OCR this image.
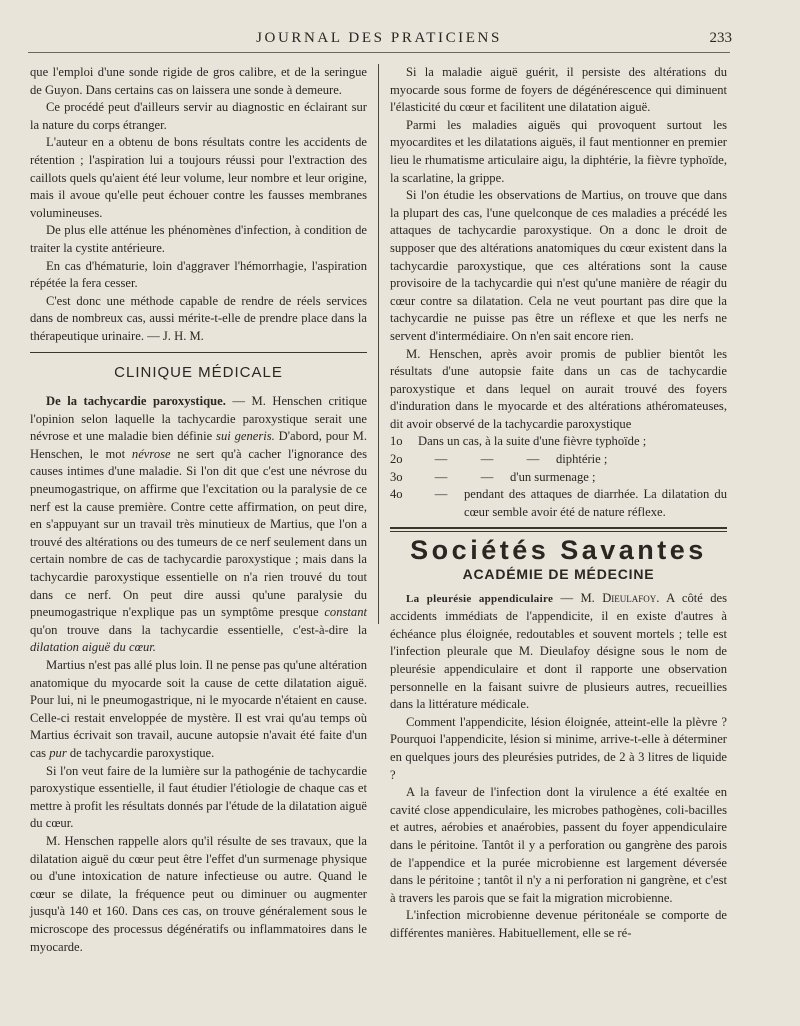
JOURNAL DES PRATICIENS	233

que l'emploi d'une sonde rigide de gros calibre, et de la seringue de Guyon. Dans certains cas on laissera une sonde à demeure.

Ce procédé peut d'ailleurs servir au diagnostic en éclairant sur la nature du corps étranger.

L'auteur en a obtenu de bons résultats contre les accidents de rétention ; l'aspiration lui a toujours réussi pour l'extraction des caillots quels qu'aient été leur volume, leur nombre et leur origine, mais il avoue qu'elle peut échouer contre les fausses membranes volumineuses.

De plus elle atténue les phénomènes d'infection, à condition de traiter la cystite antérieure.

En cas d'hématurie, loin d'aggraver l'hémorrhagie, l'aspiration répétée la fera cesser.

C'est donc une méthode capable de rendre de réels services dans de nombreux cas, aussi mérite-t-elle de prendre place dans la thérapeutique urinaire. — J. H. M.

CLINIQUE MÉDICALE

De la tachycardie paroxystique. — M. Henschen critique l'opinion selon laquelle la tachycardie paroxystique serait une névrose et une maladie bien définie sui generis. D'abord, pour M. Henschen, le mot névrose ne sert qu'à cacher l'ignorance des causes intimes d'une maladie. Si l'on dit que c'est une névrose du pneumogastrique, on affirme que l'excitation ou la paralysie de ce nerf est la cause première. Contre cette affirmation, on peut dire, en s'appuyant sur un travail très minutieux de Martius, que l'on a trouvé des altérations ou des tumeurs de ce nerf seulement dans un certain nombre de cas de tachycardie paroxystique ; mais dans la tachycardie paroxystique essentielle on n'a rien trouvé du tout dans ce nerf. On peut dire aussi qu'une paralysie du pneumogastrique n'explique pas un symptôme presque constant qu'on trouve dans la tachycardie essentielle, c'est-à-dire la dilatation aiguë du cœur.

Martius n'est pas allé plus loin. Il ne pense pas qu'une altération anatomique du myocarde soit la cause de cette dilatation aiguë. Pour lui, ni le pneumogastrique, ni le myocarde n'étaient en cause. Celle-ci restait enveloppée de mystère. Il est vrai qu'au temps où Martius écrivait son travail, aucune autopsie n'avait été faite d'un cas pur de tachycardie paroxystique.

Si l'on veut faire de la lumière sur la pathogénie de tachycardie paroxystique essentielle, il faut étudier l'étiologie de chaque cas et mettre à profit les résultats donnés par l'étude de la dilatation aiguë du cœur.

M. Henschen rappelle alors qu'il résulte de ses travaux, que la dilatation aiguë du cœur peut être l'effet d'un surmenage physique ou d'une intoxication de nature infectieuse ou autre. Quand le cœur se dilate, la fréquence peut ou diminuer ou augmenter jusqu'à 140 et 160. Dans ces cas, on trouve généralement sous le microscope des processus dégénératifs ou inflammatoires dans le myocarde.

Si la maladie aiguë guérit, il persiste des altérations du myocarde sous forme de foyers de dégénérescence qui diminuent l'élasticité du cœur et facilitent une dilatation aiguë.

Parmi les maladies aiguës qui provoquent surtout les myocardites et les dilatations aiguës, il faut mentionner en premier lieu le rhumatisme articulaire aigu, la diphtérie, la fièvre typhoïde, la scarlatine, la grippe.

Si l'on étudie les observations de Martius, on trouve que dans la plupart des cas, l'une quelconque de ces maladies a précédé les attaques de tachycardie paroxystique. On a donc le droit de supposer que des altérations anatomiques du cœur existent dans la tachycardie paroxystique, que ces altérations sont la cause provisoire de la tachycardie qui n'est qu'une manière de réagir du cœur contre sa dilatation. Cela ne veut pourtant pas dire que la tachycardie ne puisse pas être un réflexe et que les nerfs ne servent d'intermédiaire. On n'en sait encore rien.

M. Henschen, après avoir promis de publier bientôt les résultats d'une autopsie faite dans un cas de tachycardie paroxystique et dans lequel on aurait trouvé des foyers d'induration dans le myocarde et des altérations athéromateuses, dit avoir observé de la tachycardie paroxystique

1o	Dans un cas, à la suite d'une fièvre typhoïde ;
2o	—	—	—	diphtérie ;
3o	—	—	d'un surmenage ;
4o	—	pendant des attaques de diarrhée. La dilatation du cœur semble avoir été de nature réflexe.
Sociétés Savantes
ACADÉMIE DE MÉDECINE

La pleurésie appendiculaire — M. Dieulafoy. A côté des accidents immédiats de l'appendicite, il en existe d'autres à échéance plus éloignée, redoutables et souvent mortels ; telle est l'infection pleurale que M. Dieulafoy désigne sous le nom de pleurésie appendiculaire et dont il rapporte une observation personnelle en la faisant suivre de plusieurs autres, recueillies dans la littérature médicale.

Comment l'appendicite, lésion éloignée, atteint-elle la plèvre ? Pourquoi l'appendicite, lésion si minime, arrive-t-elle à déterminer en quelques jours des pleurésies putrides, de 2 à 3 litres de liquide ?

A la faveur de l'infection dont la virulence a été exaltée en cavité close appendiculaire, les microbes pathogènes, coli-bacilles et autres, aérobies et anaérobies, passent du foyer appendiculaire dans le péritoine. Tantôt il y a perforation ou gangrène des parois de l'appendice et la purée microbienne est largement déversée dans le péritoine ; tantôt il n'y a ni perforation ni gangrène, et c'est à travers les parois que se fait la migration microbienne.

L'infection microbienne devenue péritonéale se comporte de différentes manières. Habituellement, elle se ré-
